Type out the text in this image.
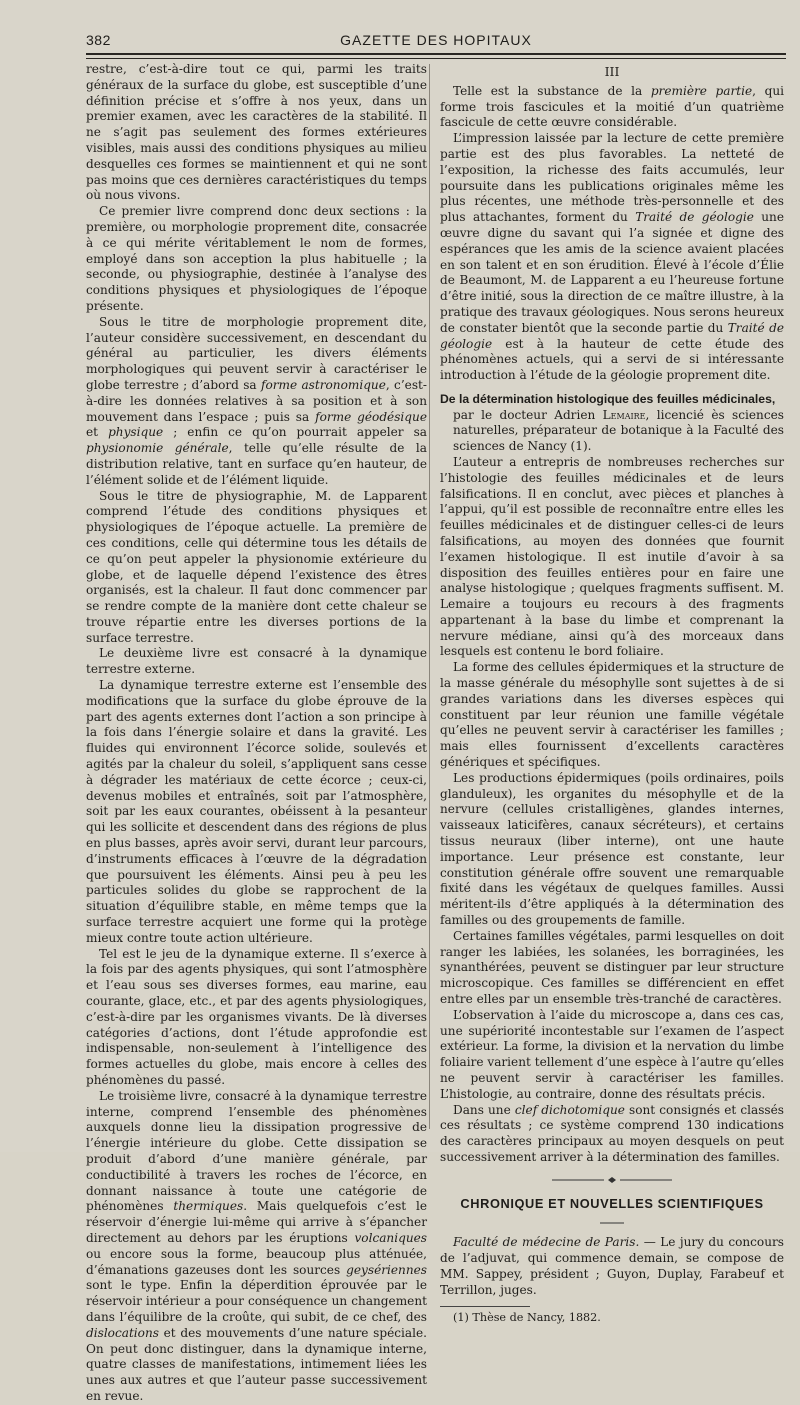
382	GAZETTE DES HOPITAUX

restre, c’est-à-dire tout ce qui, parmi les traits généraux de la surface du globe, est susceptible d’une définition précise et s’offre à nos yeux, dans un premier examen, avec les caractères de la stabilité. Il ne s’agit pas seulement des formes extérieures visibles, mais aussi des conditions physiques au milieu desquelles ces formes se maintiennent et qui ne sont pas moins que ces dernières caractéristiques du temps où nous vivons.

Ce premier livre comprend donc deux sections : la première, ou morphologie proprement dite, consacrée à ce qui mérite véritablement le nom de formes, employé dans son acception la plus habituelle ; la seconde, ou physiographie, destinée à l’analyse des conditions physiques et physiologiques de l’époque présente.

Sous le titre de morphologie proprement dite, l’auteur considère successivement, en descendant du général au particulier, les divers éléments morphologiques qui peuvent servir à caractériser le globe terrestre ; d’abord sa forme astronomique, c’est-à-dire les données relatives à sa position et à son mouvement dans l’espace ; puis sa forme géodésique et physique ; enfin ce qu’on pourrait appeler sa physionomie générale, telle qu’elle résulte de la distribution relative, tant en surface qu’en hauteur, de l’élément solide et de l’élément liquide.

Sous le titre de physiographie, M. de Lapparent comprend l’étude des conditions physiques et physiologiques de l’époque actuelle. La première de ces conditions, celle qui détermine tous les détails de ce qu’on peut appeler la physionomie extérieure du globe, et de laquelle dépend l’existence des êtres organisés, est la chaleur. Il faut donc commencer par se rendre compte de la manière dont cette chaleur se trouve répartie entre les diverses portions de la surface terrestre.

Le deuxième livre est consacré à la dynamique terrestre externe.

La dynamique terrestre externe est l’ensemble des modifications que la surface du globe éprouve de la part des agents externes dont l’action a son principe à la fois dans l’énergie solaire et dans la gravité. Les fluides qui environnent l’écorce solide, soulevés et agités par la chaleur du soleil, s’appliquent sans cesse à dégrader les matériaux de cette écorce ; ceux-ci, devenus mobiles et entraînés, soit par l’atmosphère, soit par les eaux courantes, obéissent à la pesanteur qui les sollicite et descendent dans des régions de plus en plus basses, après avoir servi, durant leur parcours, d’instruments efficaces à l’œuvre de la dégradation que poursuivent les éléments. Ainsi peu à peu les particules solides du globe se rapprochent de la situation d’équilibre stable, en même temps que la surface terrestre acquiert une forme qui la protège mieux contre toute action ultérieure.

Tel est le jeu de la dynamique externe. Il s’exerce à la fois par des agents physiques, qui sont l’atmosphère et l’eau sous ses diverses formes, eau marine, eau courante, glace, etc., et par des agents physiologiques, c’est-à-dire par les organismes vivants. De là diverses catégories d’actions, dont l’étude approfondie est indispensable, non-seulement à l’intelligence des formes actuelles du globe, mais encore à celles des phénomènes du passé.

Le troisième livre, consacré à la dynamique terrestre interne, comprend l’ensemble des phénomènes auxquels donne lieu la dissipation progressive de l’énergie intérieure du globe. Cette dissipation se produit d’abord d’une manière générale, par conductibilité à travers les roches de l’écorce, en donnant naissance à toute une catégorie de phénomènes thermiques. Mais quelquefois c’est le réservoir d’énergie lui-même qui arrive à s’épancher directement au dehors par les éruptions volcaniques ou encore sous la forme, beaucoup plus atténuée, d’émanations gazeuses dont les sources geysériennes sont le type. Enfin la déperdition éprouvée par le réservoir intérieur a pour conséquence un changement dans l’équilibre de la croûte, qui subit, de ce chef, des dislocations et des mouvements d’une nature spéciale. On peut donc distinguer, dans la dynamique interne, quatre classes de manifestations, intimement liées les unes aux autres et que l’auteur passe successivement en revue.

III

Telle est la substance de la première partie, qui forme trois fascicules et la moitié d’un quatrième fascicule de cette œuvre considérable.

L’impression laissée par la lecture de cette première partie est des plus favorables. La netteté de l’exposition, la richesse des faits accumulés, leur poursuite dans les publications originales même les plus récentes, une méthode très-personnelle et des plus attachantes, forment du Traité de géologie une œuvre digne du savant qui l’a signée et digne des espérances que les amis de la science avaient placées en son talent et en son érudition. Élevé à l’école d’Élie de Beaumont, M. de Lapparent a eu l’heureuse fortune d’être initié, sous la direction de ce maître illustre, à la pratique des travaux géologiques. Nous serons heureux de constater bientôt que la seconde partie du Traité de géologie est à la hauteur de cette étude des phénomènes actuels, qui a servi de si intéressante introduction à l’étude de la géologie proprement dite.

De la détermination histologique des feuilles médicinales,

par le docteur Adrien Lemaire, licencié ès sciences naturelles, préparateur de botanique à la Faculté des sciences de Nancy (1).

L’auteur a entrepris de nombreuses recherches sur l’histologie des feuilles médicinales et de leurs falsifications. Il en conclut, avec pièces et planches à l’appui, qu’il est possible de reconnaître entre elles les feuilles médicinales et de distinguer celles-ci de leurs falsifications, au moyen des données que fournit l’examen histologique. Il est inutile d’avoir à sa disposition des feuilles entières pour en faire une analyse histologique ; quelques fragments suffisent. M. Lemaire a toujours eu recours à des fragments appartenant à la base du limbe et comprenant la nervure médiane, ainsi qu’à des morceaux dans lesquels est contenu le bord foliaire.

La forme des cellules épidermiques et la structure de la masse générale du mésophylle sont sujettes à de si grandes variations dans les diverses espèces qui constituent par leur réunion une famille végétale qu’elles ne peuvent servir à caractériser les familles ; mais elles fournissent d’excellents caractères génériques et spécifiques.

Les productions épidermiques (poils ordinaires, poils glanduleux), les organites du mésophylle et de la nervure (cellules cristalligènes, glandes internes, vaisseaux laticifères, canaux sécréteurs), et certains tissus neuraux (liber interne), ont une haute importance. Leur présence est constante, leur constitution générale offre souvent une remarquable fixité dans les végétaux de quelques familles. Aussi méritent-ils d’être appliqués à la détermination des familles ou des groupements de famille.

Certaines familles végétales, parmi lesquelles on doit ranger les labiées, les solanées, les borraginées, les synanthérées, peuvent se distinguer par leur structure microscopique. Ces familles se différencient en effet entre elles par un ensemble très-tranché de caractères.

L’observation à l’aide du microscope a, dans ces cas, une supériorité incontestable sur l’examen de l’aspect extérieur. La forme, la division et la nervation du limbe foliaire varient tellement d’une espèce à l’autre qu’elles ne peuvent servir à caractériser les familles. L’histologie, au contraire, donne des résultats précis.

Dans une clef dichotomique sont consignés et classés ces résultats ; ce système comprend 130 indications des caractères principaux au moyen desquels on peut successivement arriver à la détermination des familles.

CHRONIQUE ET NOUVELLES SCIENTIFIQUES

Faculté de médecine de Paris. — Le jury du concours de l’adjuvat, qui commence demain, se compose de MM. Sappey, président ; Guyon, Duplay, Farabeuf et Terrillon, juges.

(1) Thèse de Nancy, 1882.
